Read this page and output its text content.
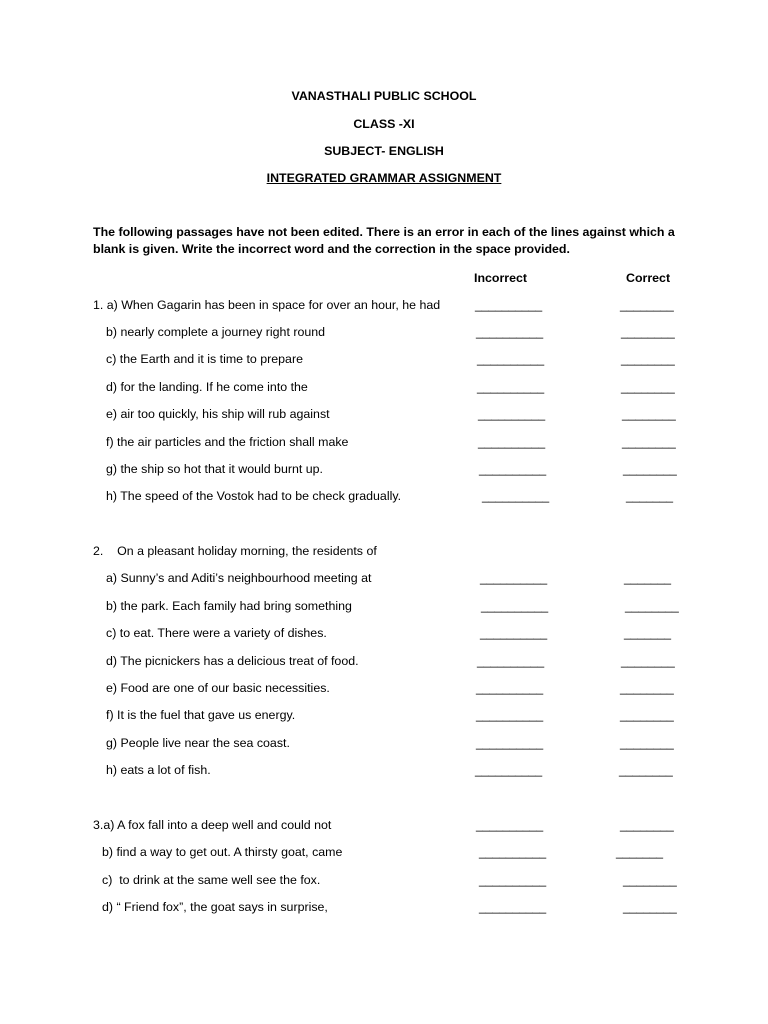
VANASTHALI PUBLIC SCHOOL
CLASS -XI
SUBJECT- ENGLISH
INTEGRATED GRAMMAR ASSIGNMENT
The following passages have not been edited. There is an error in each of the lines against which a blank is given. Write the incorrect word and the correction in the space provided.
Incorrect	Correct
1. a) When Gagarin has been in space for over an hour, he had	__________	________
b) nearly complete a journey right round	__________	________
c) the Earth and it is time to prepare	__________	________
d) for the landing. If he come into the	__________	________
e) air too quickly, his ship will rub against	__________	________
f) the air particles and the friction shall make	__________	________
g) the ship so hot that it would burnt up.	__________	________
h) The speed of the Vostok had to be check gradually.	__________	_______
2.    On a pleasant holiday morning, the residents of
a) Sunny’s and Aditi’s neighbourhood meeting at	__________	_______
b) the park. Each family had bring something	__________	________
c) to eat. There were a variety of dishes.	__________	_______
d) The picnickers has a delicious treat of food.	__________	________
e) Food are one of our basic necessities.	__________	________
f) It is the fuel that gave us energy.	__________	________
g) People live near the sea coast.	__________	________
h) eats a lot of fish.	__________	________
3.a) A fox fall into a deep well and could not	__________	________
b) find a way to get out. A thirsty goat, came	__________	_______
c)  to drink at the same well see the fox.	__________	________
d) “ Friend fox”, the goat says in surprise,	__________	________
